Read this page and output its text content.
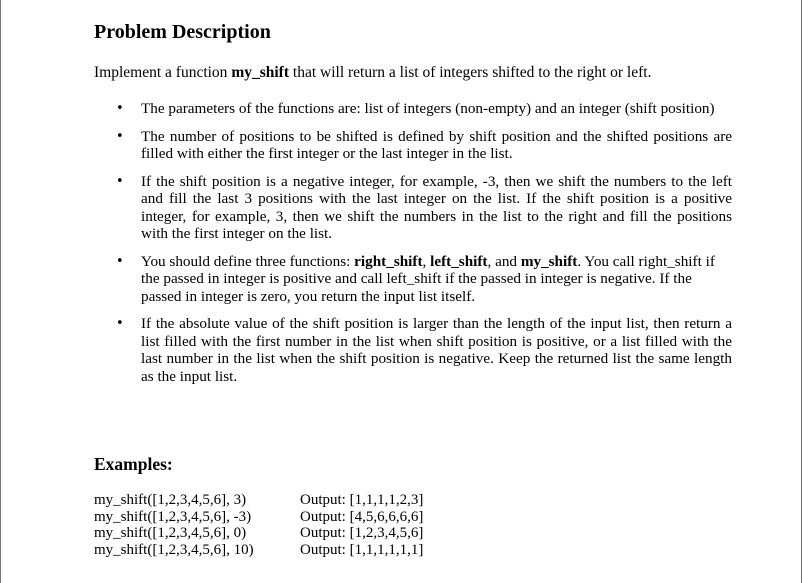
Problem Description

Implement a function my_shift that will return a list of integers shifted to the right or left.

• The parameters of the functions are: list of integers (non-empty) and an integer (shift position)
• The number of positions to be shifted is defined by shift position and the shifted positions are filled with either the first integer or the last integer in the list.
• If the shift position is a negative integer, for example, -3, then we shift the numbers to the left and fill the last 3 positions with the last integer on the list. If the shift position is a positive integer, for example, 3, then we shift the numbers in the list to the right and fill the positions with the first integer on the list.
• You should define three functions: right_shift, left_shift, and my_shift. You call right_shift if the passed in integer is positive and call left_shift if the passed in integer is negative. If the passed in integer is zero, you return the input list itself.
• If the absolute value of the shift position is larger than the length of the input list, then return a list filled with the first number in the list when shift position is positive, or a list filled with the last number in the list when the shift position is negative. Keep the returned list the same length as the input list.
Examples:
my_shift([1,2,3,4,5,6], 3)	Output: [1,1,1,1,2,3]
my_shift([1,2,3,4,5,6], -3)	Output: [4,5,6,6,6,6]
my_shift([1,2,3,4,5,6], 0)	Output: [1,2,3,4,5,6]
my_shift([1,2,3,4,5,6], 10)	Output: [1,1,1,1,1,1]
